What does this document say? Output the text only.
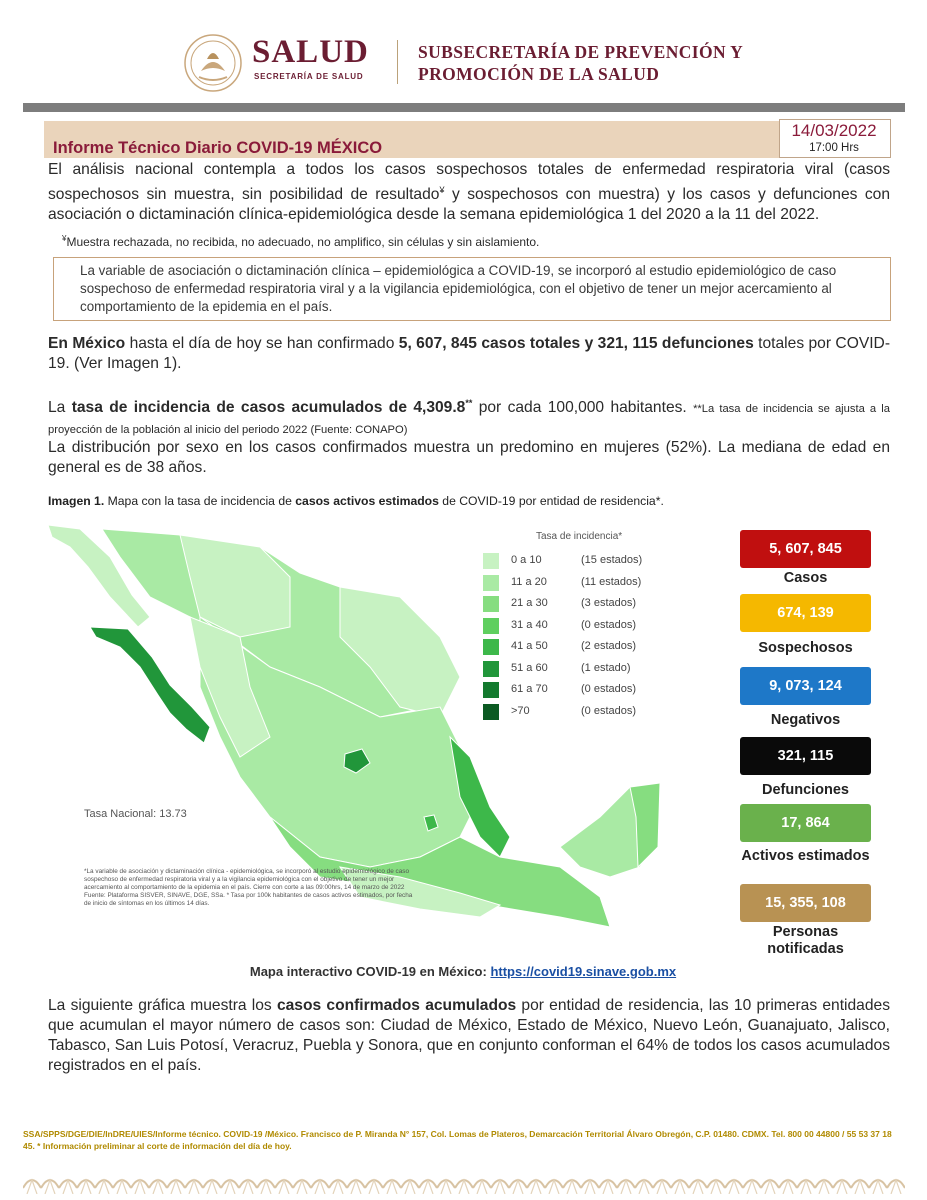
SALUD
SECRETARÍA DE SALUD
SUBSECRETARÍA DE PREVENCIÓN Y
PROMOCIÓN DE LA SALUD
Informe Técnico Diario COVID-19 MÉXICO
14/03/2022
17:00 Hrs
El análisis nacional contempla a todos los casos sospechosos totales de enfermedad respiratoria viral (casos sospechosos sin muestra, sin posibilidad de resultado¥ y sospechosos con muestra) y los casos y defunciones con asociación o dictaminación clínica-epidemiológica desde la semana epidemiológica 1 del 2020 a la 11 del 2022.
¥Muestra rechazada, no recibida, no adecuado, no amplifico, sin células y sin aislamiento.
La variable de asociación o dictaminación clínica – epidemiológica a COVID-19, se incorporó al estudio epidemiológico de caso sospechoso de enfermedad respiratoria viral y a la vigilancia epidemiológica, con el objetivo de tener un mejor acercamiento al comportamiento de la epidemia en el país.
En México hasta el día de hoy se han confirmado 5, 607, 845 casos totales y 321, 115 defunciones totales por COVID-19. (Ver Imagen 1).
La tasa de incidencia de casos acumulados de 4,309.8** por cada 100,000 habitantes. **La tasa de incidencia se ajusta a la proyección de la población al inicio del periodo 2022 (Fuente: CONAPO)
La distribución por sexo en los casos confirmados muestra un predomino en mujeres (52%). La mediana de edad en general es de 38 años.
Imagen 1. Mapa con la tasa de incidencia de casos activos estimados de COVID-19 por entidad de residencia*.
Tasa de incidencia*
0 a 10	(15 estados)
11 a 20	(11 estados)
21 a 30	(3 estados)
31 a 40	(0 estados)
41 a 50	(2 estados)
51 a 60	(1 estado)
61 a 70	(0 estados)
>70	(0 estados)
Tasa Nacional: 13.73
*La variable de asociación y dictaminación clínica - epidemiológica, se incorporó al estudio epidemiológico de caso sospechoso de enfermedad respiratoria viral y a la vigilancia epidemiológica con el objetivo de tener un mejor acercamiento al comportamiento de la epidemia en el país. Cierre con corte a las 09:00hrs, 14 de marzo de 2022 Fuente: Plataforma SISVER, SINAVE, DGE, SSa. * Tasa por 100k habitantes de casos activos estimados, por fecha de inicio de síntomas en los últimos 14 días.
Mapa interactivo COVID-19 en México: https://covid19.sinave.gob.mx
5, 607, 845
Casos
674, 139
Sospechosos
9, 073, 124
Negativos
321, 115
Defunciones
17, 864
Activos estimados
15, 355, 108
Personas notificadas
La siguiente gráfica muestra los casos confirmados acumulados por entidad de residencia, las 10 primeras entidades que acumulan el mayor número de casos son: Ciudad de México, Estado de México, Nuevo León, Guanajuato, Jalisco, Tabasco, San Luis Potosí, Veracruz, Puebla y Sonora, que en conjunto conforman el 64% de todos los casos acumulados registrados en el país.
SSA/SPPS/DGE/DIE/InDRE/UIES/Informe técnico. COVID-19 /México. Francisco de P. Miranda N° 157, Col. Lomas de Plateros, Demarcación Territorial Álvaro Obregón, C.P. 01480. CDMX. Tel. 800 00 44800 / 55 53 37 18 45. * Información preliminar al corte de información del día de hoy.
